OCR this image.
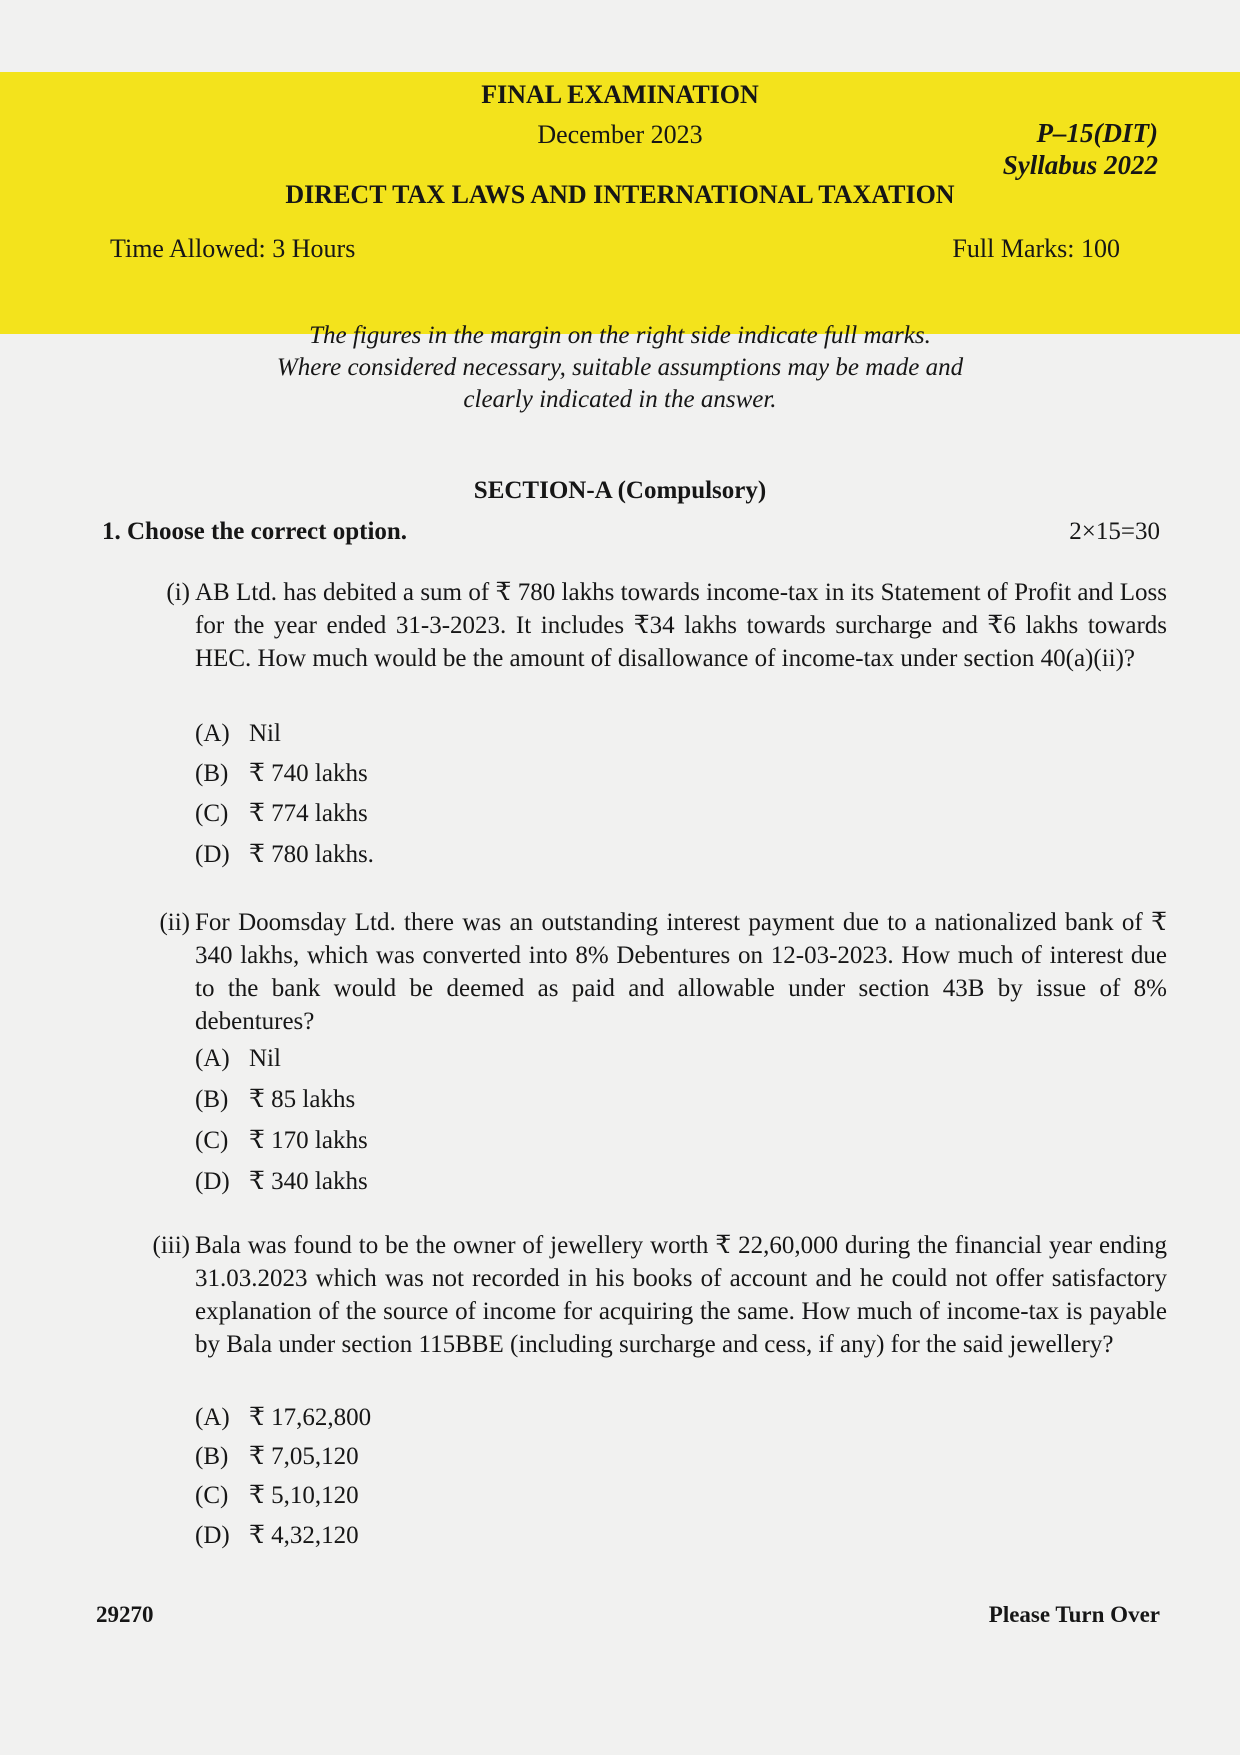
FINAL EXAMINATION
December 2023	P–15(DIT)
Syllabus 2022
DIRECT TAX LAWS AND INTERNATIONAL TAXATION
Time Allowed: 3 Hours	Full Marks: 100
The figures in the margin on the right side indicate full marks.
Where considered necessary, suitable assumptions may be made and
clearly indicated in the answer.
SECTION-A (Compulsory)
1. Choose the correct option.	2×15=30
(i) AB Ltd. has debited a sum of ₹ 780 lakhs towards income-tax in its Statement of Profit and Loss for the year ended 31-3-2023. It includes ₹34 lakhs towards surcharge and ₹6 lakhs towards HEC. How much would be the amount of disallowance of income-tax under section 40(a)(ii)?
(A) Nil
(B) ₹ 740 lakhs
(C) ₹ 774 lakhs
(D) ₹ 780 lakhs.
(ii) For Doomsday Ltd. there was an outstanding interest payment due to a nationalized bank of ₹ 340 lakhs, which was converted into 8% Debentures on 12-03-2023. How much of interest due to the bank would be deemed as paid and allowable under section 43B by issue of 8% debentures?
(A) Nil
(B) ₹ 85 lakhs
(C) ₹ 170 lakhs
(D) ₹ 340 lakhs
(iii) Bala was found to be the owner of jewellery worth ₹ 22,60,000 during the financial year ending 31.03.2023 which was not recorded in his books of account and he could not offer satisfactory explanation of the source of income for acquiring the same. How much of income-tax is payable by Bala under section 115BBE (including surcharge and cess, if any) for the said jewellery?
(A) ₹ 17,62,800
(B) ₹ 7,05,120
(C) ₹ 5,10,120
(D) ₹ 4,32,120
29270	Please Turn Over
